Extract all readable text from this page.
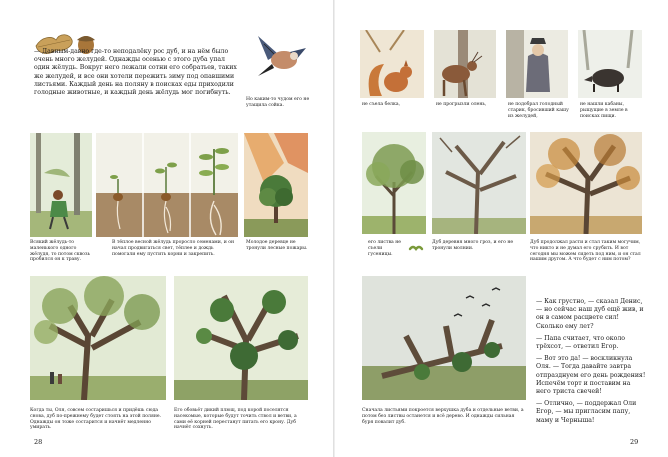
— Давным-давно где-то неподалёку рос дуб, и на нём было очень много желудей. Однажды осенью с этого дуба упал один жёлудь. Вокруг него лежали сотни его собратьев, таких же желудей, и все они хотели пережить зиму под опавшими листьями. Каждый день на поляну в поисках еды приходили голодные животные, и каждый день жёлудь мог погибнуть.
Но каким-то чудом его не утащила сойка.
Всякий жёлудь-то маленького одного жёлудя, то потом сквозь пробился он к траву.
В тёплое весной жёлудь проросло семенами, и он начал продвигаться свет, тёплее и дождь помогали ему пустить корни и закрепить.
Молодое деревце не тронули лесные пожары.
Когда ты, Оля, совсем состаришься и придёшь сюда снова, дуб по-прежнему будет стоять на этой поляне. Однажды он тоже состарится и начнёт медленно умирать.
Его обовьёт дикий плющ, под корой поселятся насекомые, которые будут точить ствол и ветви, а сами её корней перестанут питать его крону. Дуб начнёт сохнуть.
28
не съела белка,	не прогрызли олень,	не подобрал голодный старик, бросивший кашу из желудей,
не нашли кабаны, рыщущие в земле в поисках пищи.
его листва не съели гусеницы.
Дуб деревня много гроз, и его не тронули молнии.
Дуб продолжал расти и стал таким могучим, что никто и не думал его срубить. И вот сегодня мы можем сидеть под ним, и он стал нашим другом. А что будет с ним потом?
Сначала листьями покроется верхушка дуба и отдельные ветви, а потом без листвы останется и всё дерево. И однажды сильная буря повалит дуб.

— Как грустно, — сказал Денис, — но сейчас наш дуб ещё жив, и он в самом расцвете сил! Сколько ему лет?

— Папа считает, что около трёхсот, — ответил Егор.

— Вот это да! — воскликнула Оля. — Тогда давайте завтра отпразднуем его день рождения! Испечём торт и поставим на него триста свечей!

— Отлично, — поддержал Оли Егор, — мы пригласим папу, маму и Черныша!

29
